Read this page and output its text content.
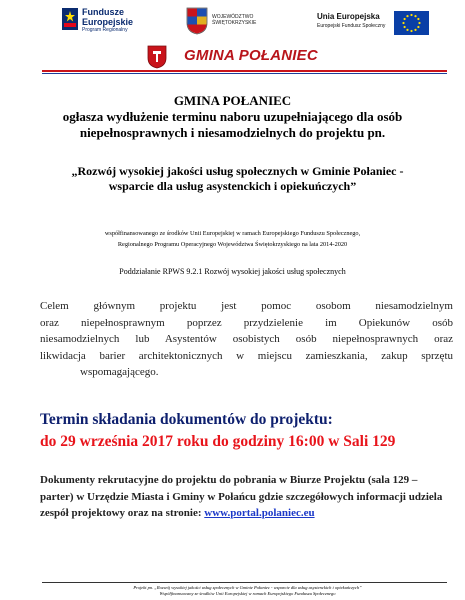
Fundusze Europejskie
Program Regionalny
WOJEWÓDZTWO ŚWIĘTOKRZYSKIE
Unia Europejska
Europejski Fundusz Społeczny
GMINA POŁANIEC
GMINA POŁANIEC
ogłasza wydłużenie terminu naboru uzupełniającego dla osób
niepełnosprawnych i niesamodzielnych do projektu pn.
„Rozwój wysokiej jakości usług społecznych w Gminie Połaniec -
wsparcie dla usług asystenckich i opiekuńczych”
współfinansowanego ze środków Unii Europejskiej w ramach Europejskiego Funduszu Społecznego,
Regionalnego Programu Operacyjnego Województwa Świętokrzyskiego na lata 2014-2020
Poddziałanie RPWS 9.2.1 Rozwój wysokiej jakości usług społecznych
Celem głównym projektu jest pomoc osobom niesamodzielnym
oraz niepełnosprawnym poprzez przydzielenie im Opiekunów osób
niesamodzielnych lub Asystentów osobistych osób niepełnosprawnych oraz
likwidacja barier architektonicznych w miejscu zamieszkania, zakup sprzętu
wspomagającego.
Termin składania dokumentów do projektu:
do 29 września 2017 roku do godziny 16:00 w Sali 129
Dokumenty rekrutacyjne do projektu do pobrania w Biurze Projektu (sala 129 – parter) w Urzędzie Miasta i Gminy w Połańcu gdzie szczegółowych informacji udziela zespół projektowy oraz na stronie: www.portal.polaniec.eu
Projekt pn. „Rozwój wysokiej jakości usług społecznych w Gminie Połaniec - wsparcie dla usług asystenckich i opiekuńczych”
Współfinansowany ze środków Unii Europejskiej w ramach Europejskiego Funduszu Społecznego
